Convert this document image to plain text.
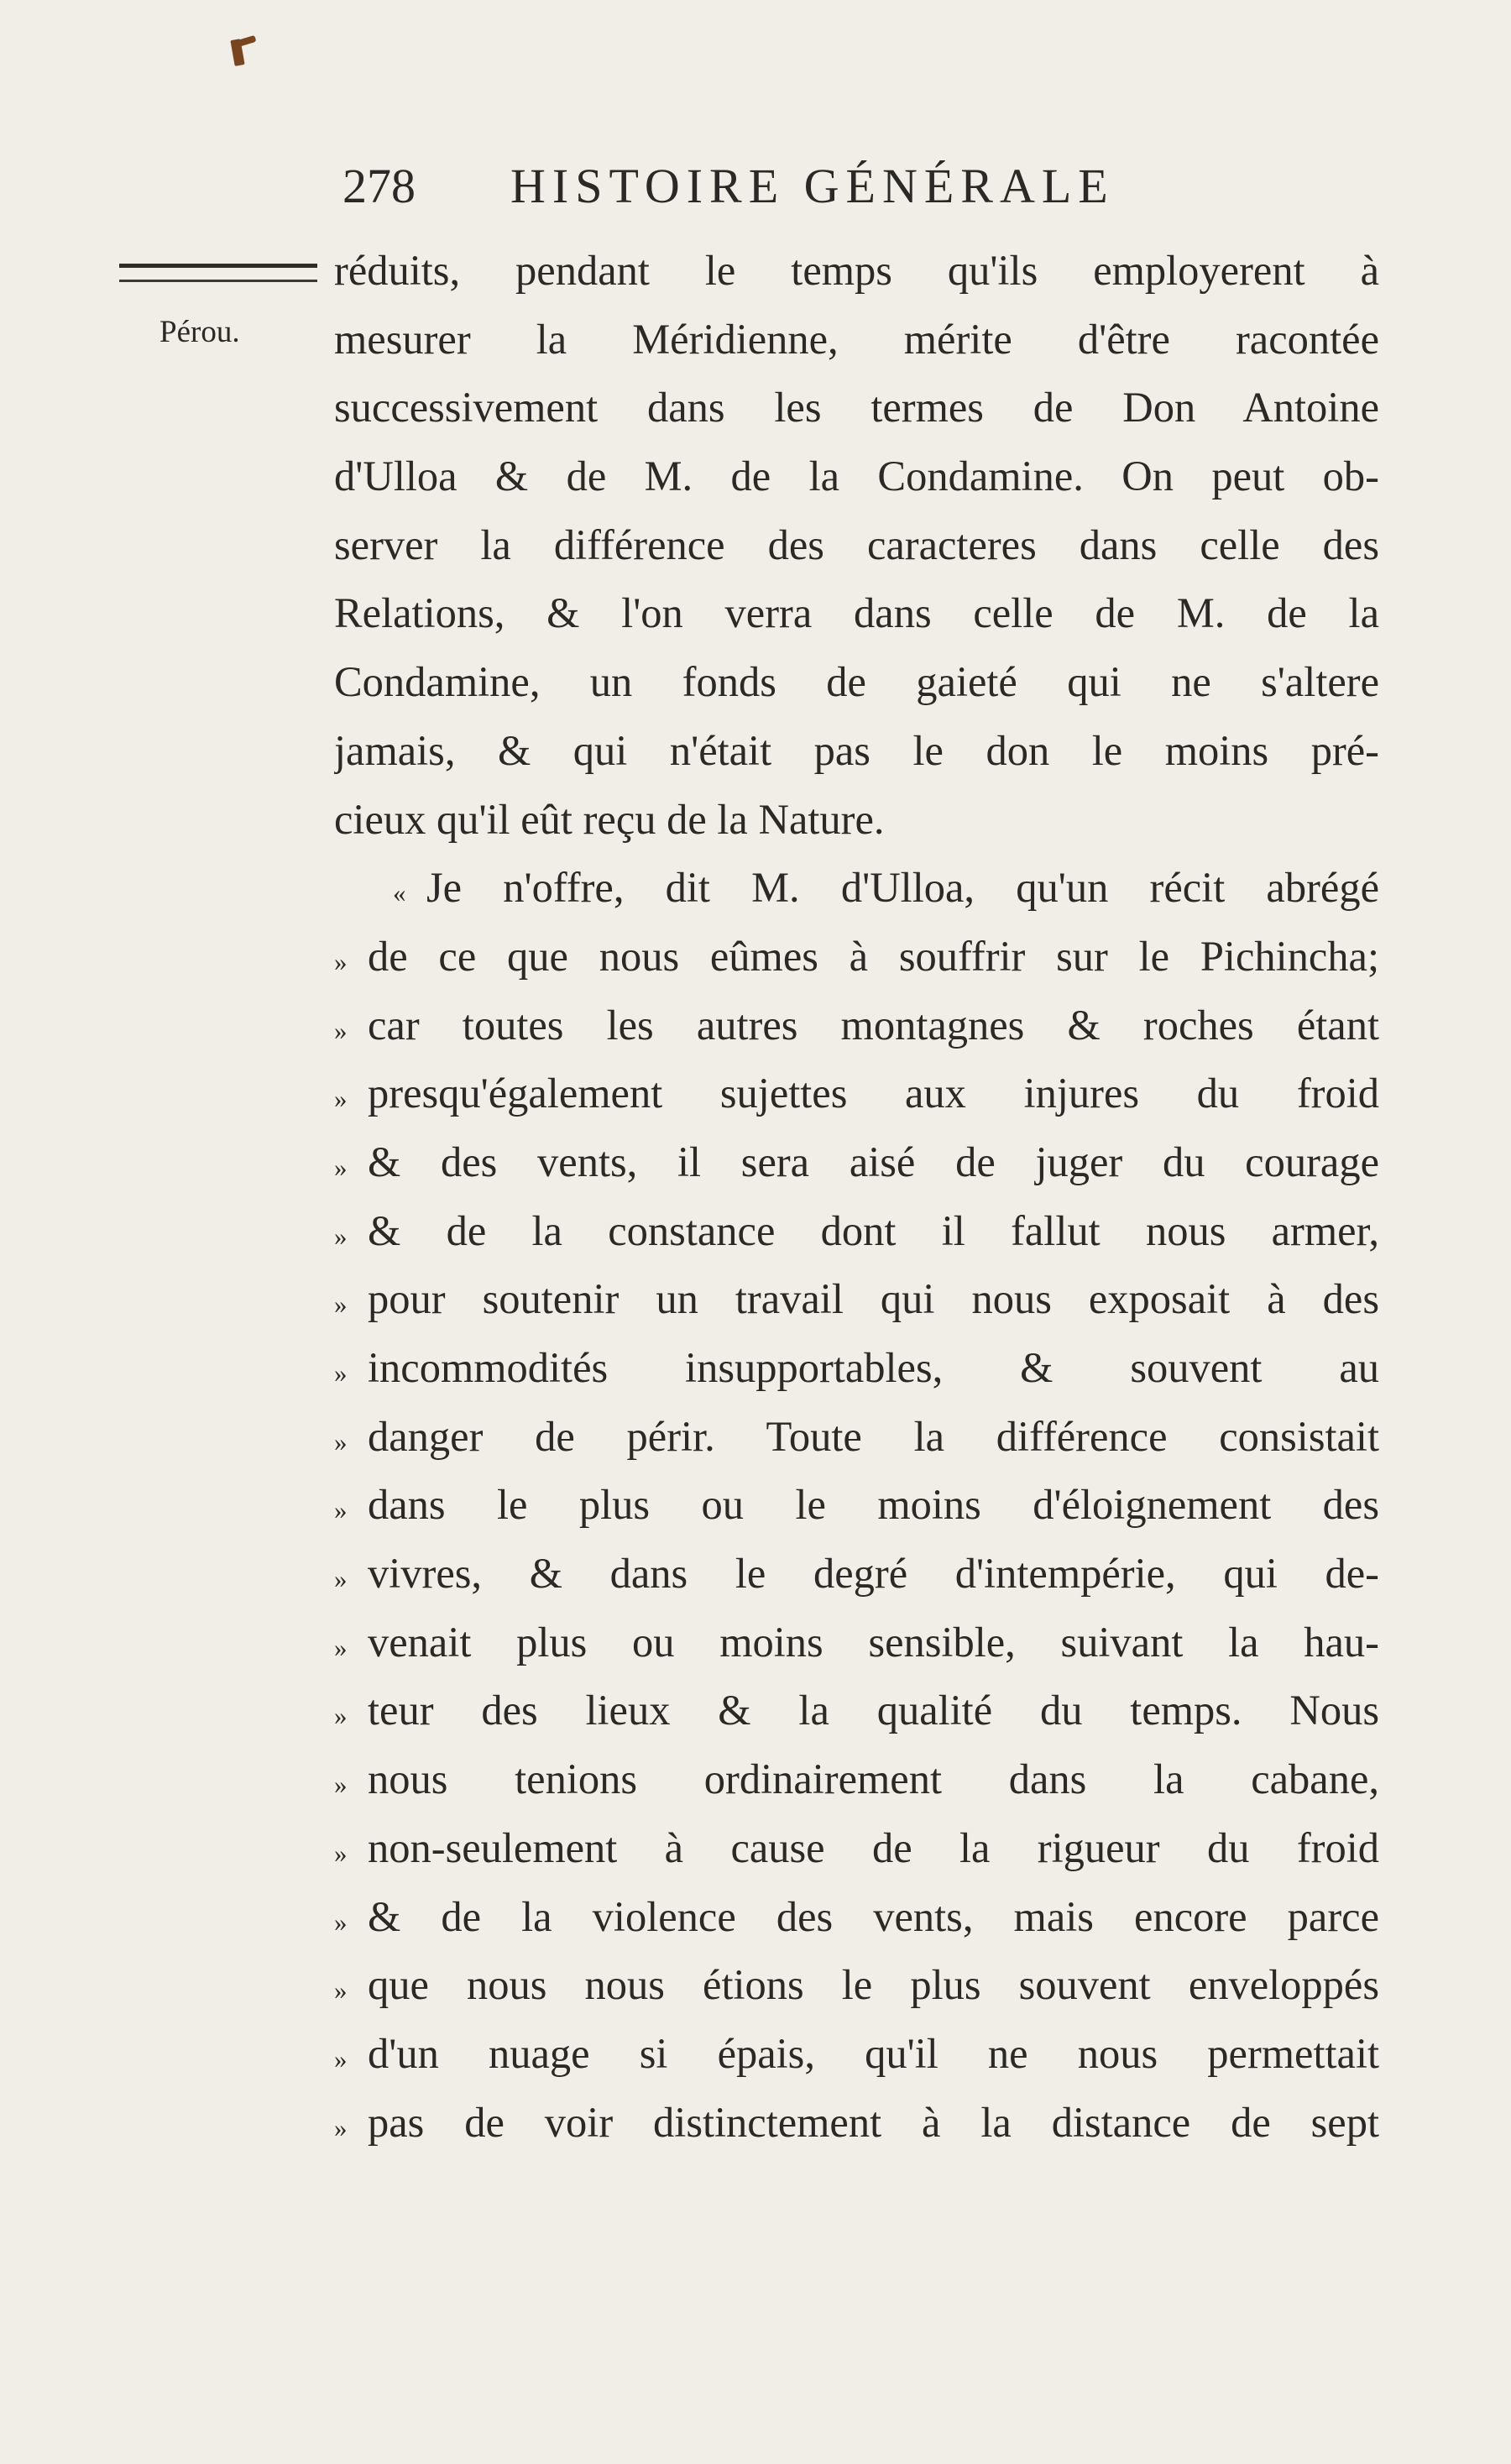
278 HISTOIRE GÉNÉRALE
Pérou.
réduits, pendant le temps qu'ils employerent à
mesurer la Méridienne, mérite d'être racontée
successivement dans les termes de Don Antoine
d'Ulloa & de M. de la Condamine. On peut ob-
server la différence des caracteres dans celle des
Relations, & l'on verra dans celle de M. de la
Condamine, un fonds de gaieté qui ne s'altere
jamais, & qui n'était pas le don le moins pré-
cieux qu'il eût reçu de la Nature.
« Je n'offre, dit M. d'Ulloa, qu'un récit abrégé
» de ce que nous eûmes à souffrir sur le Pichincha;
» car toutes les autres montagnes & roches étant
» presqu'également sujettes aux injures du froid
» & des vents, il sera aisé de juger du courage
» & de la constance dont il fallut nous armer,
» pour soutenir un travail qui nous exposait à des
» incommodités insupportables, & souvent au
» danger de périr. Toute la différence consistait
» dans le plus ou le moins d'éloignement des
» vivres, & dans le degré d'intempérie, qui de-
» venait plus ou moins sensible, suivant la hau-
» teur des lieux & la qualité du temps. Nous
» nous tenions ordinairement dans la cabane,
» non-seulement à cause de la rigueur du froid
» & de la violence des vents, mais encore parce
» que nous nous étions le plus souvent enveloppés
» d'un nuage si épais, qu'il ne nous permettait
» pas de voir distinctement à la distance de sept
